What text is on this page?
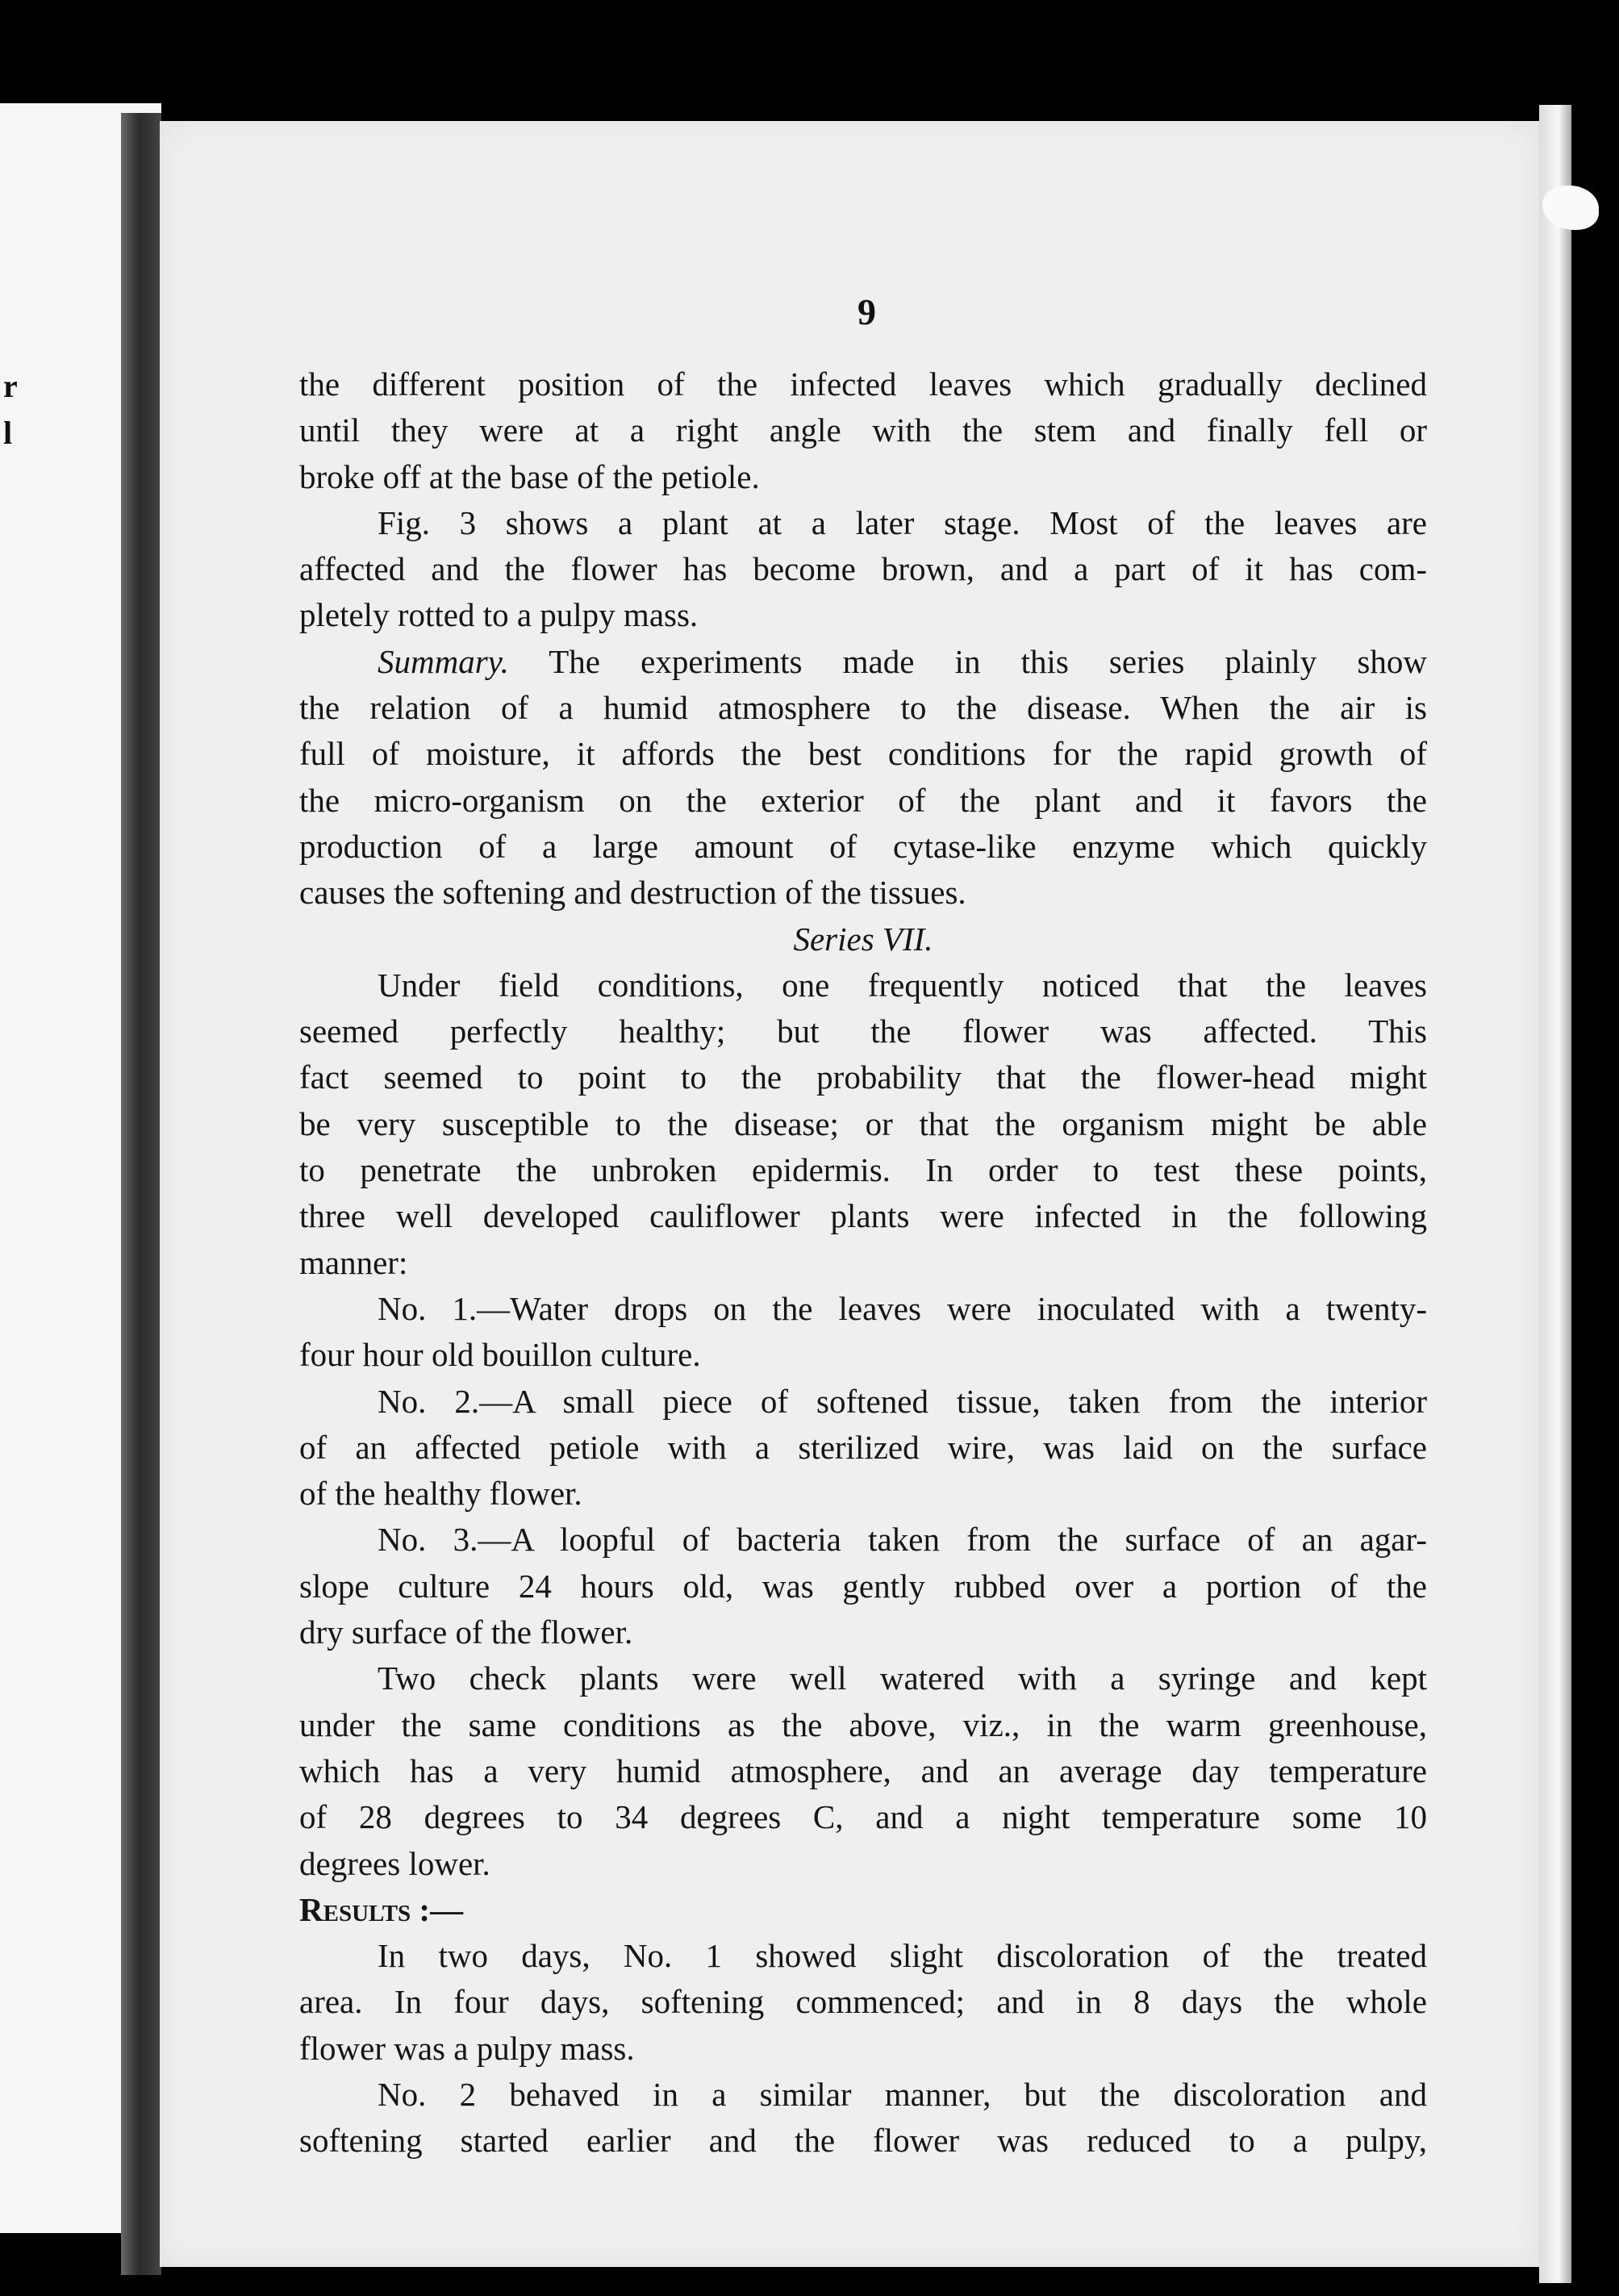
r
l
9
the different position of the infected leaves which gradually declined
until they were at a right angle with the stem and finally fell or
broke off at the base of the petiole.
Fig. 3 shows a plant at a later stage. Most of the leaves are
affected and the flower has become brown, and a part of it has com-
pletely rotted to a pulpy mass.
Summary. The experiments made in this series plainly show
the relation of a humid atmosphere to the disease. When the air is
full of moisture, it affords the best conditions for the rapid growth of
the micro-organism on the exterior of the plant and it favors the
production of a large amount of cytase-like enzyme which quickly
causes the softening and destruction of the tissues.
Series VII.
Under field conditions, one frequently noticed that the leaves
seemed perfectly healthy; but the flower was affected. This
fact seemed to point to the probability that the flower-head might
be very susceptible to the disease; or that the organism might be able
to penetrate the unbroken epidermis. In order to test these points,
three well developed cauliflower plants were infected in the following
manner:
No. 1.—Water drops on the leaves were inoculated with a twenty-
four hour old bouillon culture.
No. 2.—A small piece of softened tissue, taken from the interior
of an affected petiole with a sterilized wire, was laid on the surface
of the healthy flower.
No. 3.—A loopful of bacteria taken from the surface of an agar-
slope culture 24 hours old, was gently rubbed over a portion of the
dry surface of the flower.
Two check plants were well watered with a syringe and kept
under the same conditions as the above, viz., in the warm greenhouse,
which has a very humid atmosphere, and an average day temperature
of 28 degrees to 34 degrees C, and a night temperature some 10
degrees lower.
Results :—
In two days, No. 1 showed slight discoloration of the treated
area. In four days, softening commenced; and in 8 days the whole
flower was a pulpy mass.
No. 2 behaved in a similar manner, but the discoloration and
softening started earlier and the flower was reduced to a pulpy,
